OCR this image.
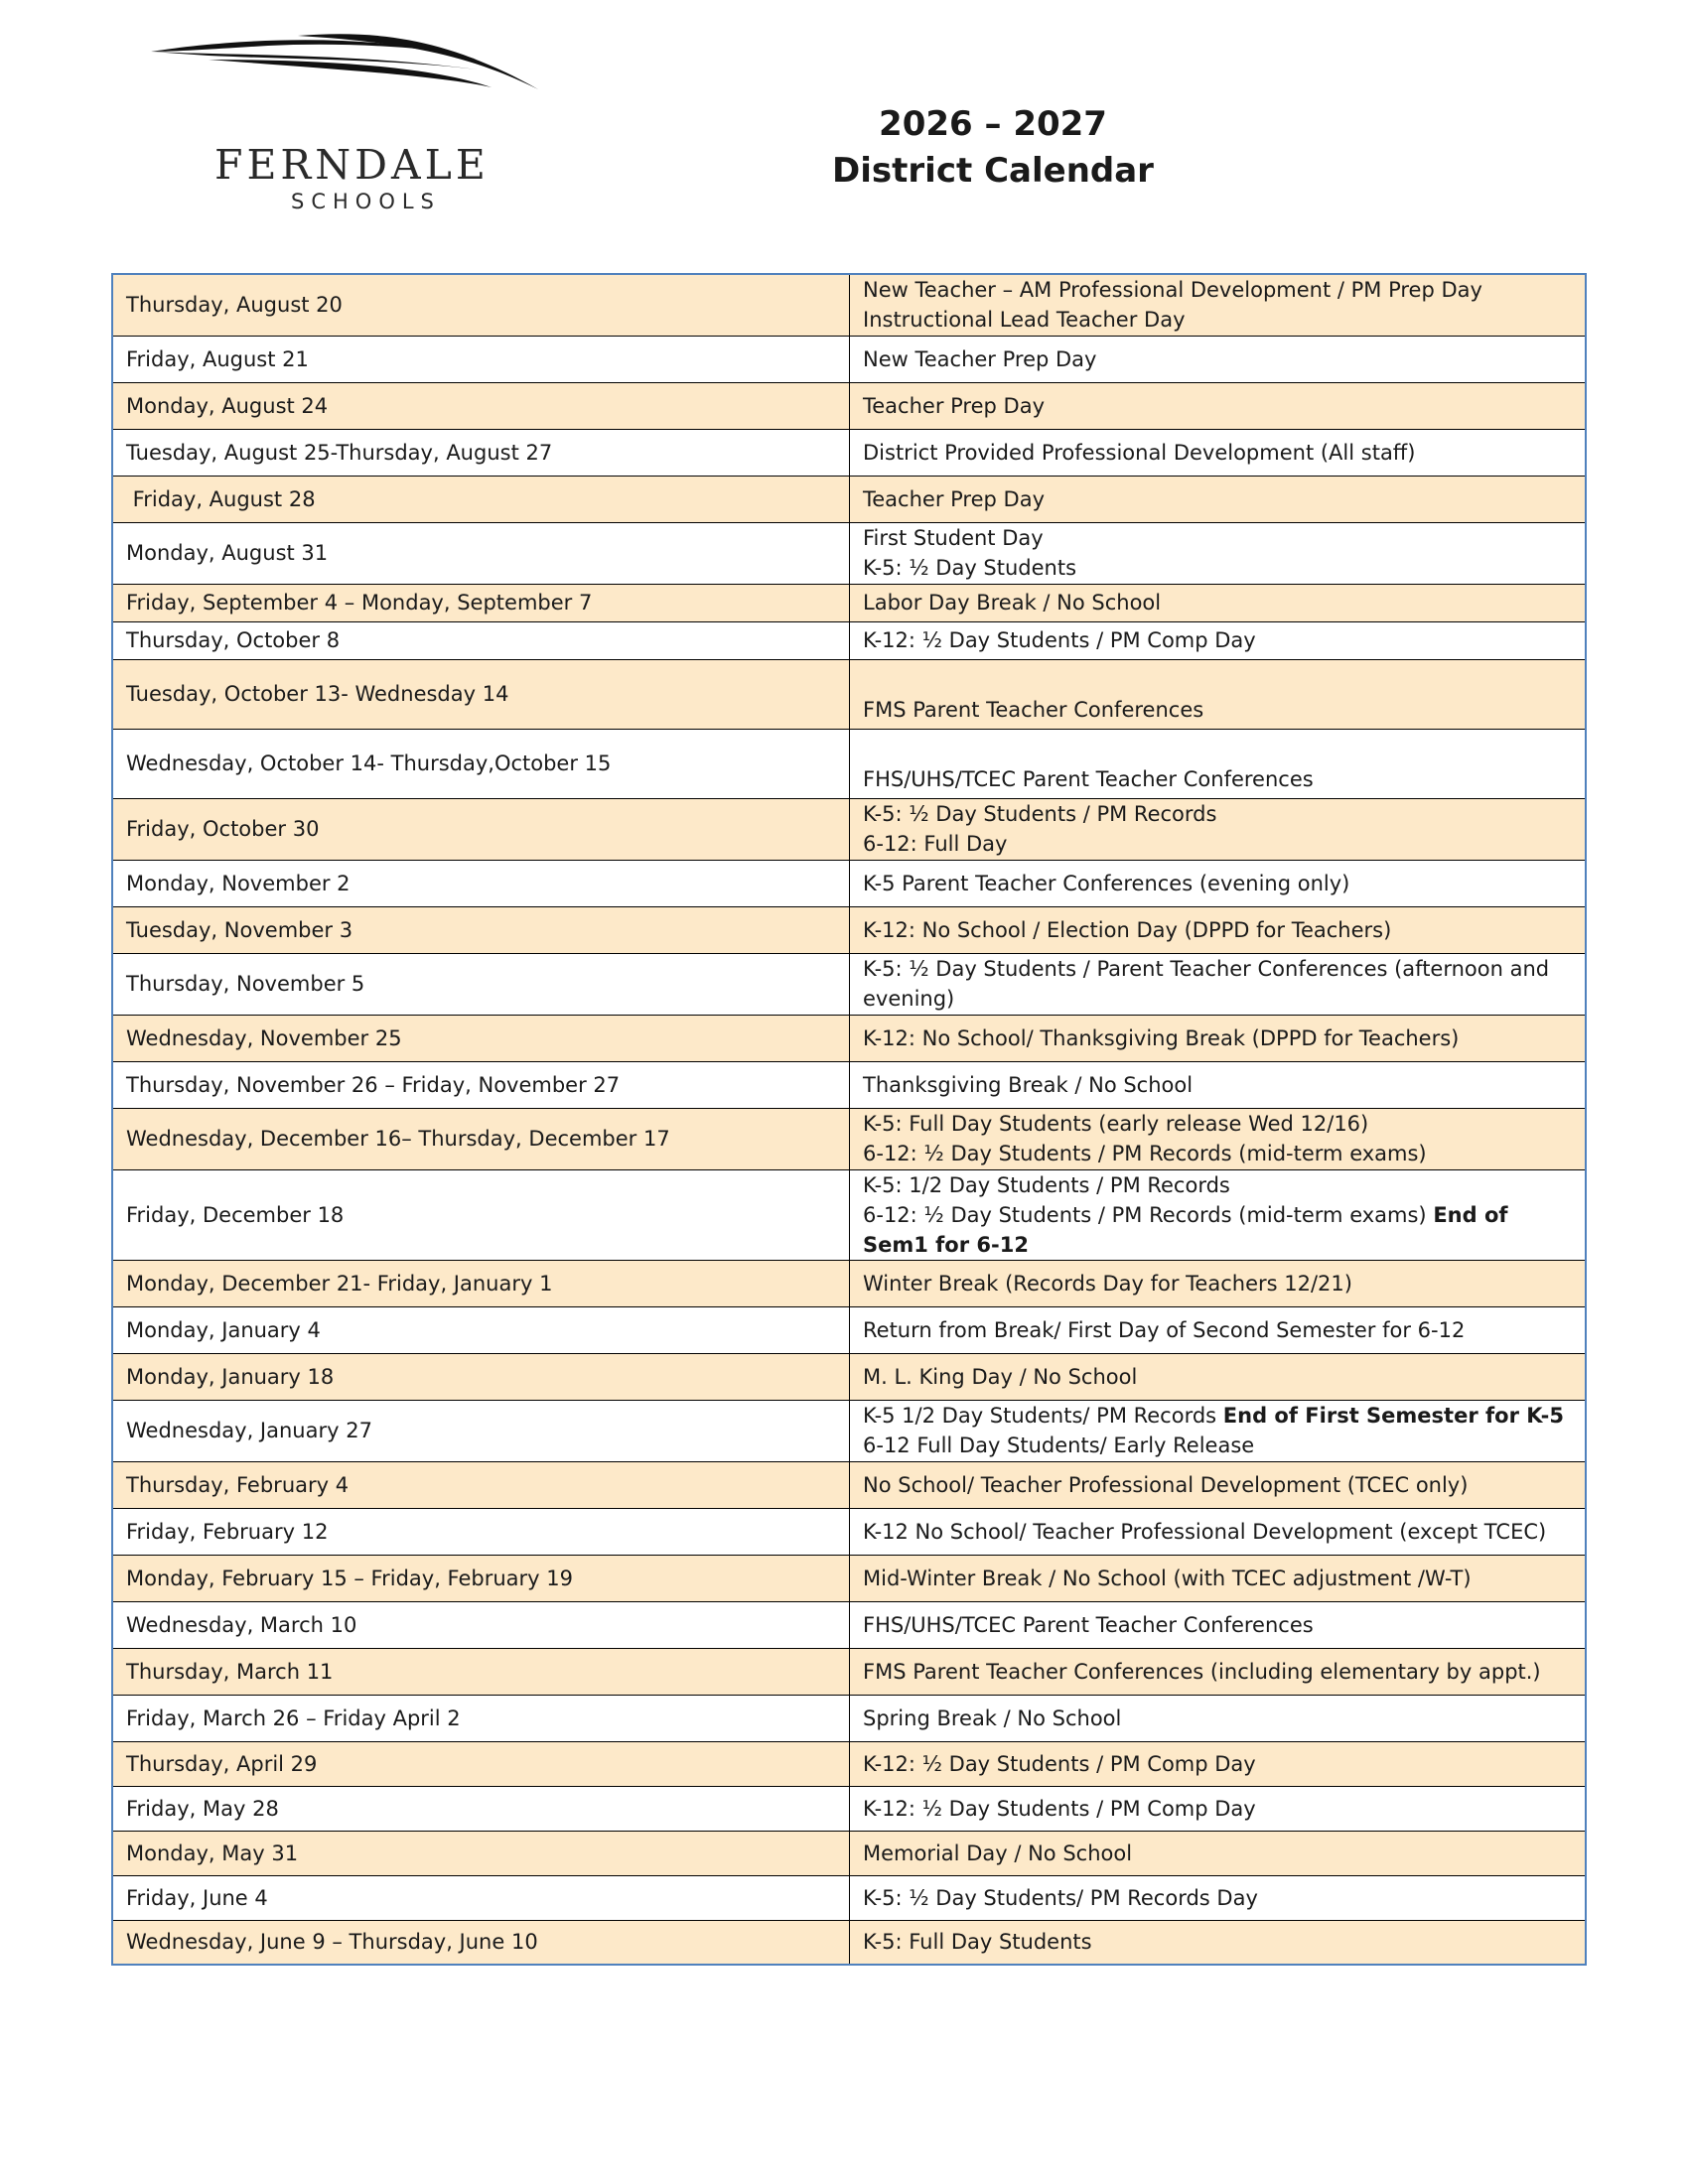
FERNDALE
SCHOOLS
2026 – 2027
District Calendar
Thursday, August 20	New Teacher – AM Professional Development / PM Prep Day
Instructional Lead Teacher Day

Friday, August 21	New Teacher Prep Day

Monday, August 24	Teacher Prep Day

Tuesday, August 25-Thursday, August 27	District Provided Professional Development (All staff)

Friday, August 28	Teacher Prep Day

Monday, August 31	First Student Day
K-5: ½ Day Students

Friday, September 4 – Monday, September 7	Labor Day Break / No School

Thursday, October 8	K-12: ½ Day Students / PM Comp Day

Tuesday, October 13- Wednesday 14	FMS Parent Teacher Conferences

Wednesday, October 14- Thursday,October 15	FHS/UHS/TCEC Parent Teacher Conferences

Friday, October 30	K-5: ½ Day Students / PM Records
6-12: Full Day

Monday, November 2	K-5 Parent Teacher Conferences (evening only)

Tuesday, November 3	K-12: No School / Election Day (DPPD for Teachers)

Thursday, November 5	K-5: ½ Day Students / Parent Teacher Conferences (afternoon and evening)

Wednesday, November 25	K-12: No School/ Thanksgiving Break (DPPD for Teachers)

Thursday, November 26 – Friday, November 27	Thanksgiving Break / No School

Wednesday, December 16– Thursday, December 17	K-5: Full Day Students (early release Wed 12/16)
6-12: ½ Day Students / PM Records (mid-term exams)

Friday, December 18	K-5: 1/2 Day Students / PM Records
6-12: ½ Day Students / PM Records (mid-term exams) End of Sem1 for 6-12

Monday, December 21- Friday, January 1	Winter Break (Records Day for Teachers 12/21)

Monday, January 4	Return from Break/ First Day of Second Semester for 6-12

Monday, January 18	M. L. King Day / No School

Wednesday, January 27	K-5 1/2 Day Students/ PM Records End of First Semester for K-5
6-12 Full Day Students/ Early Release

Thursday, February 4	No School/ Teacher Professional Development (TCEC only)

Friday, February 12	K-12 No School/ Teacher Professional Development (except TCEC)

Monday, February 15 – Friday, February 19	Mid-Winter Break / No School (with TCEC adjustment /W-T)

Wednesday, March 10	FHS/UHS/TCEC Parent Teacher Conferences

Thursday, March 11	FMS Parent Teacher Conferences (including elementary by appt.)

Friday, March 26 – Friday April 2	Spring Break / No School

Thursday, April 29	K-12: ½ Day Students / PM Comp Day

Friday, May 28	K-12: ½ Day Students / PM Comp Day

Monday, May 31	Memorial Day / No School

Friday, June 4	K-5: ½ Day Students/ PM Records Day

Wednesday, June 9 – Thursday, June 10	K-5: Full Day Students
